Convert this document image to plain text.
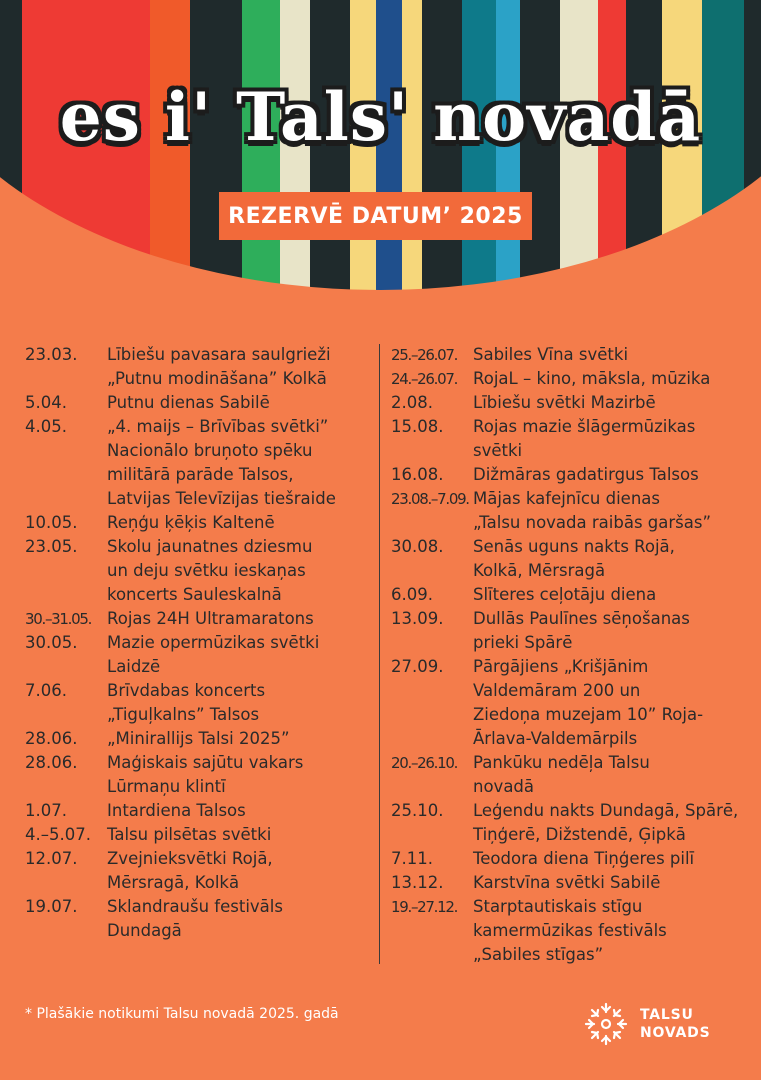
es i' Tals' novadā
REZERVĒ DATUM’ 2025
23.03.	Lībiešu pavasara saulgrieži
„Putnu modināšana” Kolkā
5.04.	Putnu dienas Sabilē
4.05.	„4. maijs – Brīvības svētki”
Nacionālo bruņoto spēku
militārā parāde Talsos,
Latvijas Televīzijas tiešraide
10.05.	Reņģu ķēķis Kaltenē
23.05.	Skolu jaunatnes dziesmu
un deju svētku ieskaņas
koncerts Sauleskalnā
30.–31.05. Rojas 24H Ultramaratons
30.05.	Mazie opermūzikas svētki
Laidzē
7.06.	Brīvdabas koncerts
„Tiguļkalns” Talsos
28.06.	„Minirallijs Talsi 2025”
28.06.	Maģiskais sajūtu vakars
Lūrmaņu klintī
1.07.	Intardiena Talsos
4.–5.07. Talsu pilsētas svētki
12.07.	Zvejnieksvētki Rojā,
Mērsragā, Kolkā
19.07.	Sklandraušu festivāls
Dundagā
25.–26.07. Sabiles Vīna svētki
24.–26.07. RojaL – kino, māksla, mūzika
2.08.	Lībiešu svētki Mazirbē
15.08.	Rojas mazie šlāgermūzikas
svētki
16.08.	Dižmāras gadatirgus Talsos
23.08.–7.09. Mājas kafejnīcu dienas
„Talsu novada raibās garšas”
30.08.	Senās uguns nakts Rojā,
Kolkā, Mērsragā
6.09.	Slīteres ceļotāju diena
13.09.	Dullās Paulīnes sēņošanas
prieki Spārē
27.09.	Pārgājiens „Krišjānim
Valdemāram 200 un
Ziedoņa muzejam 10” Roja-
Ārlava-Valdemārpils
20.–26.10. Pankūku nedēļa Talsu
novadā
25.10.	Leģendu nakts Dundagā, Spārē,
Tiņģerē, Dižstendē, Ģipkā
7.11.	Teodora diena Tiņģeres pilī
13.12.	Karstvīna svētki Sabilē
19.–27.12. Starptautiskais stīgu
kamermūzikas festivāls
„Sabiles stīgas”
* Plašākie notikumi Talsu novadā 2025. gadā	TALSU
NOVADS
